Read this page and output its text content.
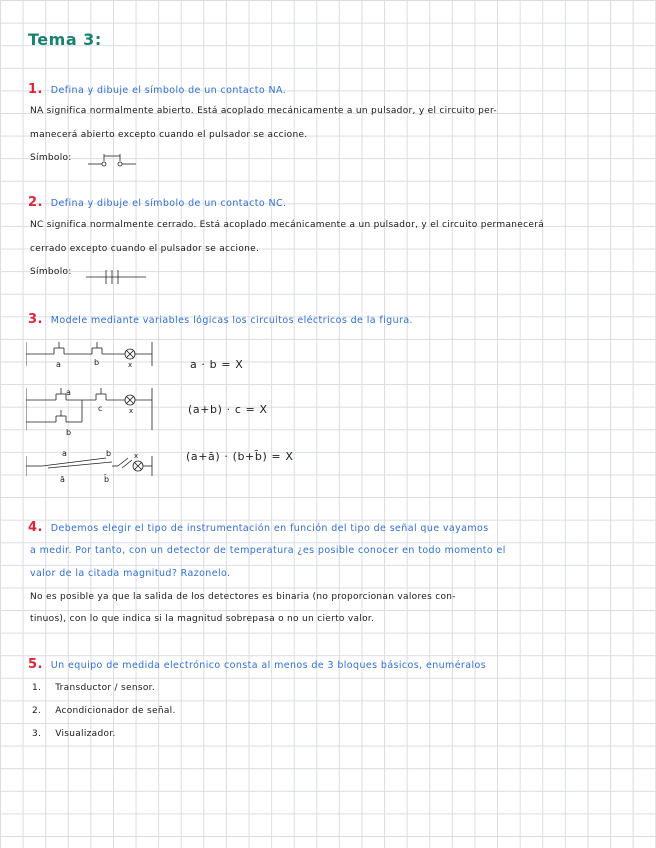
Tema 3:
1. Defina y dibuje el símbolo de un contacto NA.
NA significa normalmente abierto. Está acoplado mecánicamente a un pulsador, y el circuito per-
manecerá abierto excepto cuando el pulsador se accione.
Símbolo:
2. Defina y dibuje el símbolo de un contacto NC.
NC significa normalmente cerrado. Está acoplado mecánicamente a un pulsador, y el circuito permanecerá
cerrado excepto cuando el pulsador se accione.
Símbolo:
3. Modele mediante variables lógicas los circuitos eléctricos de la figura.
a	b	x	a · b = X
a
c	x
b
(a+b) · c = X
a	b	x
ā	b̄
(a+ā) · (b+b̄) = X
4. Debemos elegir el tipo de instrumentación en función del tipo de señal que vayamos
a medir. Por tanto, con un detector de temperatura ¿es posible conocer en todo momento el
valor de la citada magnitud? Razonelo.
No es posible ya que la salida de los detectores es binaria (no proporcionan valores con-
tinuos), con lo que indica si la magnitud sobrepasa o no un cierto valor.
5. Un equipo de medida electrónico consta al menos de 3 bloques básicos, enuméralos
1. Transductor / sensor.
2. Acondicionador de señal.
3. Visualizador.
